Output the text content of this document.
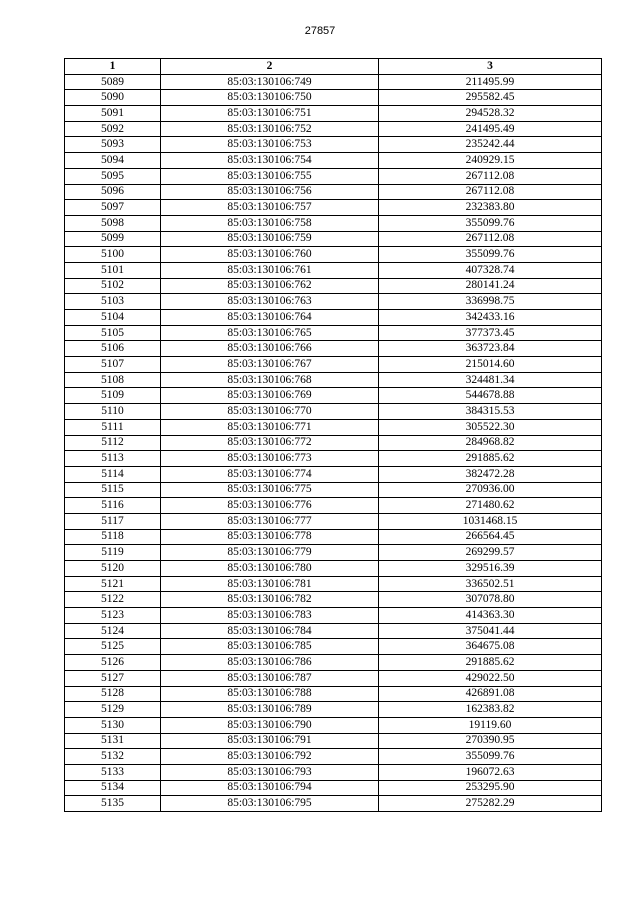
27857
1	2	3
5089	85:03:130106:749	211495.99
5090	85:03:130106:750	295582.45
5091	85:03:130106:751	294528.32
5092	85:03:130106:752	241495.49
5093	85:03:130106:753	235242.44
5094	85:03:130106:754	240929.15
5095	85:03:130106:755	267112.08
5096	85:03:130106:756	267112.08
5097	85:03:130106:757	232383.80
5098	85:03:130106:758	355099.76
5099	85:03:130106:759	267112.08
5100	85:03:130106:760	355099.76
5101	85:03:130106:761	407328.74
5102	85:03:130106:762	280141.24
5103	85:03:130106:763	336998.75
5104	85:03:130106:764	342433.16
5105	85:03:130106:765	377373.45
5106	85:03:130106:766	363723.84
5107	85:03:130106:767	215014.60
5108	85:03:130106:768	324481.34
5109	85:03:130106:769	544678.88
5110	85:03:130106:770	384315.53
5111	85:03:130106:771	305522.30
5112	85:03:130106:772	284968.82
5113	85:03:130106:773	291885.62
5114	85:03:130106:774	382472.28
5115	85:03:130106:775	270936.00
5116	85:03:130106:776	271480.62
5117	85:03:130106:777	1031468.15
5118	85:03:130106:778	266564.45
5119	85:03:130106:779	269299.57
5120	85:03:130106:780	329516.39
5121	85:03:130106:781	336502.51
5122	85:03:130106:782	307078.80
5123	85:03:130106:783	414363.30
5124	85:03:130106:784	375041.44
5125	85:03:130106:785	364675.08
5126	85:03:130106:786	291885.62
5127	85:03:130106:787	429022.50
5128	85:03:130106:788	426891.08
5129	85:03:130106:789	162383.82
5130	85:03:130106:790	19119.60
5131	85:03:130106:791	270390.95
5132	85:03:130106:792	355099.76
5133	85:03:130106:793	196072.63
5134	85:03:130106:794	253295.90
5135	85:03:130106:795	275282.29
